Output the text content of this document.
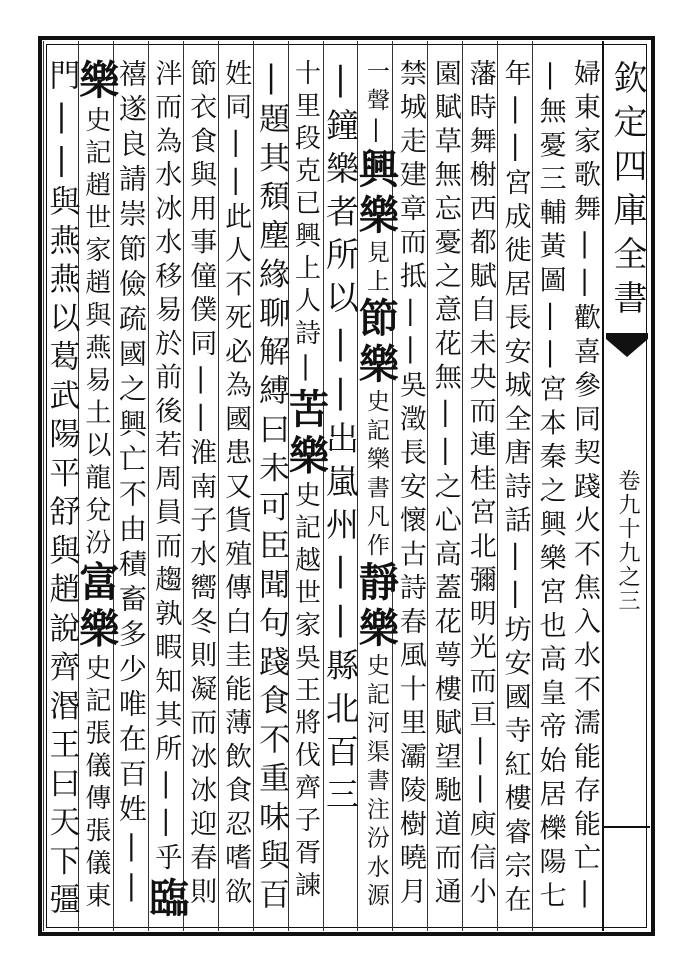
欽定四庫全書
卷九十九之三
婦東家歌舞||歡喜參同契踐火不焦入水不濡能存能亡|
|無憂三輔黃圖||宮本秦之興樂宮也高皇帝始居櫟陽七
年||宮成徙居長安城全唐詩話||坊安國寺紅樓睿宗在
藩時舞榭西都賦自未央而連桂宮北彌明光而亘||庾信小
園賦草無忘憂之意花無||之心高蓋花萼樓賦望馳道而通
禁城走建章而抵||吳澂長安懷古詩春風十里灞陵樹曉月
一聲|
興樂
見
上
節樂
史記樂書凡作
靜樂
史記河渠書注汾水源
|鐘
樂者所以||
出嵐州||縣北百三
十里段克已興上人詩|
苦樂
史記越世家吳王將伐齊子胥諫
|題其頹塵緣聊解縛
曰未可臣聞句踐食不重味與百
姓同||此人不死必為國患又貨殖傳白圭能薄飲食忍嗜欲
節衣食與用事僮僕同||淮南子水嚮冬則凝而冰冰迎春則
泮而為水冰水移易於前後若周員而趨孰暇知其所||乎
臨
禧遂良請崇節儉疏國之興亡不由積畜多少唯在百姓||
樂
史記趙世家趙與燕易土以龍兌汾
富樂
史記張儀傳張儀東
門||與燕燕以葛武陽平舒與趙
說齊湣王曰天下彊
